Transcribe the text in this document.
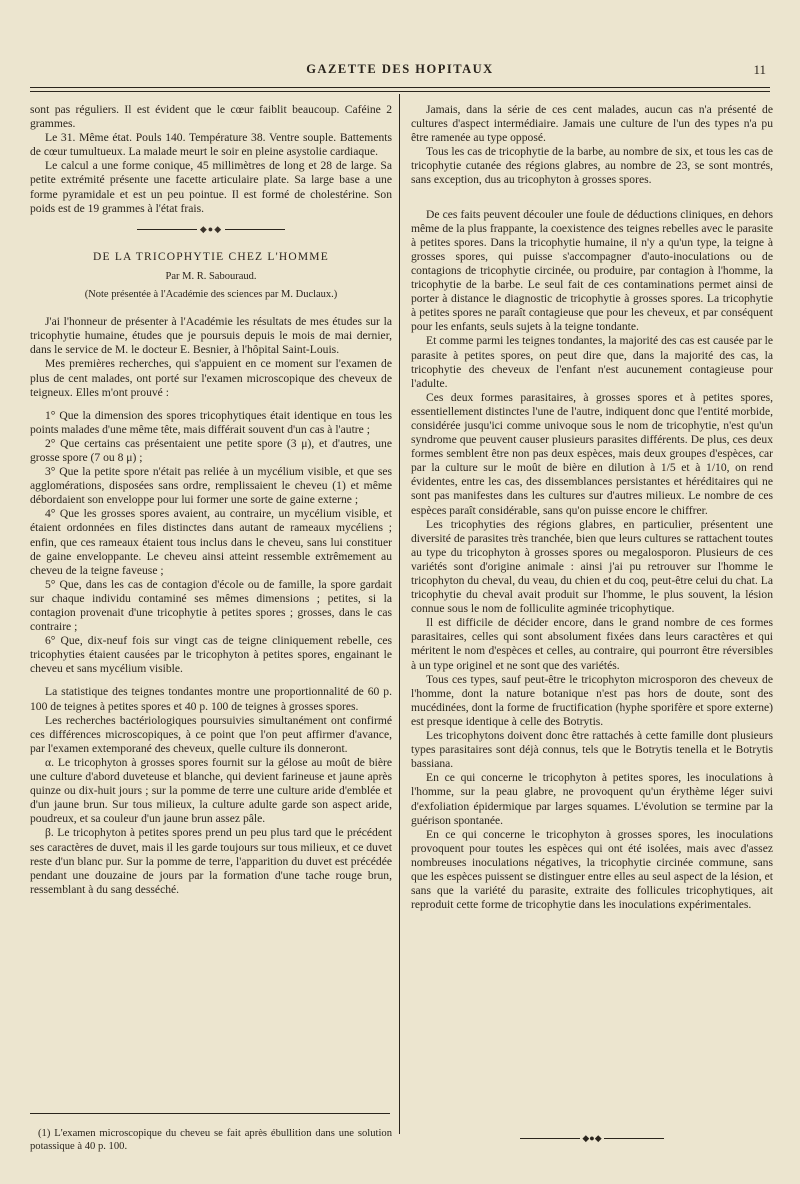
GAZETTE DES HOPITAUX	11

sont pas réguliers. Il est évident que le cœur faiblit beaucoup. Caféine 2 grammes.

Le 31. Même état. Pouls 140. Température 38. Ventre souple. Battements de cœur tumultueux. La malade meurt le soir en pleine asystolie cardiaque.

Le calcul a une forme conique, 45 millimètres de long et 28 de large. Sa petite extrémité présente une facette articulaire plate. Sa large base a une forme pyramidale et est un peu pointue. Il est formé de cholestérine. Son poids est de 19 grammes à l'état frais.

◆●◆
DE LA TRICOPHYTIE CHEZ L'HOMME
Par M. R. Sabouraud.
(Note présentée à l'Académie des sciences par M. Duclaux.)

J'ai l'honneur de présenter à l'Académie les résultats de mes études sur la tricophytie humaine, études que je poursuis depuis le mois de mai dernier, dans le service de M. le docteur E. Besnier, à l'hôpital Saint-Louis.

Mes premières recherches, qui s'appuient en ce moment sur l'examen de plus de cent malades, ont porté sur l'examen microscopique des cheveux de teigneux. Elles m'ont prouvé :

1° Que la dimension des spores tricophytiques était identique en tous les points malades d'une même tête, mais différait souvent d'un cas à l'autre ;

2° Que certains cas présentaient une petite spore (3 μ), et d'autres, une grosse spore (7 ou 8 μ) ;

3° Que la petite spore n'était pas reliée à un mycélium visible, et que ses agglomérations, disposées sans ordre, remplissaient le cheveu (1) et même débordaient son enveloppe pour lui former une sorte de gaine externe ;

4° Que les grosses spores avaient, au contraire, un mycélium visible, et étaient ordonnées en files distinctes dans autant de rameaux mycéliens ; enfin, que ces rameaux étaient tous inclus dans le cheveu, sans lui constituer de gaine enveloppante. Le cheveu ainsi atteint ressemble extrêmement au cheveu de la teigne faveuse ;

5° Que, dans les cas de contagion d'école ou de famille, la spore gardait sur chaque individu contaminé ses mêmes dimensions ; petites, si la contagion provenait d'une tricophytie à petites spores ; grosses, dans le cas contraire ;

6° Que, dix-neuf fois sur vingt cas de teigne cliniquement rebelle, ces tricophyties étaient causées par le tricophyton à petites spores, engainant le cheveu et sans mycélium visible.

La statistique des teignes tondantes montre une proportionnalité de 60 p. 100 de teignes à petites spores et 40 p. 100 de teignes à grosses spores.

Les recherches bactériologiques poursuivies simultanément ont confirmé ces différences microscopiques, à ce point que l'on peut affirmer d'avance, par l'examen extemporané des cheveux, quelle culture ils donneront.

α. Le tricophyton à grosses spores fournit sur la gélose au moût de bière une culture d'abord duveteuse et blanche, qui devient farineuse et jaune après quinze ou dix-huit jours ; sur la pomme de terre une culture aride d'emblée et d'un jaune brun. Sur tous milieux, la culture adulte garde son aspect aride, poudreux, et sa couleur d'un jaune brun assez pâle.

β. Le tricophyton à petites spores prend un peu plus tard que le précédent ses caractères de duvet, mais il les garde toujours sur tous milieux, et ce duvet reste d'un blanc pur. Sur la pomme de terre, l'apparition du duvet est précédée pendant une douzaine de jours par la formation d'une tache rouge brun, ressemblant à du sang desséché.

(1) L'examen microscopique du cheveu se fait après ébullition dans une solution potassique à 40 p. 100.

Jamais, dans la série de ces cent malades, aucun cas n'a présenté de cultures d'aspect intermédiaire. Jamais une culture de l'un des types n'a pu être ramenée au type opposé.

Tous les cas de tricophytie de la barbe, au nombre de six, et tous les cas de tricophytie cutanée des régions glabres, au nombre de 23, se sont montrés, sans exception, dus au tricophyton à grosses spores.

De ces faits peuvent découler une foule de déductions cliniques, en dehors même de la plus frappante, la coexistence des teignes rebelles avec le parasite à petites spores. Dans la tricophytie humaine, il n'y a qu'un type, la teigne à grosses spores, qui puisse s'accompagner d'auto-inoculations ou de contagions de tricophytie circinée, ou produire, par contagion à l'homme, la tricophytie de la barbe. Le seul fait de ces contaminations permet ainsi de porter à distance le diagnostic de tricophytie à grosses spores. La tricophytie à petites spores ne paraît contagieuse que pour les cheveux, et par conséquent pour les enfants, seuls sujets à la teigne tondante.

Et comme parmi les teignes tondantes, la majorité des cas est causée par le parasite à petites spores, on peut dire que, dans la majorité des cas, la tricophytie des cheveux de l'enfant n'est aucunement contagieuse pour l'adulte.

Ces deux formes parasitaires, à grosses spores et à petites spores, essentiellement distinctes l'une de l'autre, indiquent donc que l'entité morbide, considérée jusqu'ici comme univoque sous le nom de tricophytie, n'est qu'un syndrome que peuvent causer plusieurs parasites différents. De plus, ces deux formes semblent être non pas deux espèces, mais deux groupes d'espèces, car par la culture sur le moût de bière en dilution à 1/5 et à 1/10, on rend évidentes, entre les cas, des dissemblances persistantes et héréditaires qui ne sont pas manifestes dans les cultures sur d'autres milieux. Le nombre de ces espèces paraît considérable, sans qu'on puisse encore le chiffrer.

Les tricophyties des régions glabres, en particulier, présentent une diversité de parasites très tranchée, bien que leurs cultures se rattachent toutes au type du tricophyton à grosses spores ou megalosporon. Plusieurs de ces variétés sont d'origine animale : ainsi j'ai pu retrouver sur l'homme le tricophyton du cheval, du veau, du chien et du coq, peut-être celui du chat. La tricophytie du cheval avait produit sur l'homme, le plus souvent, la lésion connue sous le nom de folliculite agminée tricophytique.

Il est difficile de décider encore, dans le grand nombre de ces formes parasitaires, celles qui sont absolument fixées dans leurs caractères et qui méritent le nom d'espèces et celles, au contraire, qui pourront être réversibles à un type originel et ne sont que des variétés.

Tous ces types, sauf peut-être le tricophyton microsporon des cheveux de l'homme, dont la nature botanique n'est pas hors de doute, sont des mucédinées, dont la forme de fructification (hyphe sporifère et spore externe) est presque identique à celle des Botrytis.

Les tricophytons doivent donc être rattachés à cette famille dont plusieurs types parasitaires sont déjà connus, tels que le Botrytis tenella et le Botrytis bassiana.

En ce qui concerne le tricophyton à petites spores, les inoculations à l'homme, sur la peau glabre, ne provoquent qu'un érythème léger suivi d'exfoliation épidermique par larges squames. L'évolution se termine par la guérison spontanée.

En ce qui concerne le tricophyton à grosses spores, les inoculations provoquent pour toutes les espèces qui ont été isolées, mais avec d'assez nombreuses inoculations négatives, la tricophytie circinée commune, sans que les espèces puissent se distinguer entre elles au seul aspect de la lésion, et sans que la variété du parasite, extraite des follicules tricophytiques, ait reproduit cette forme de tricophytie dans les inoculations expérimentales.

◆●◆
